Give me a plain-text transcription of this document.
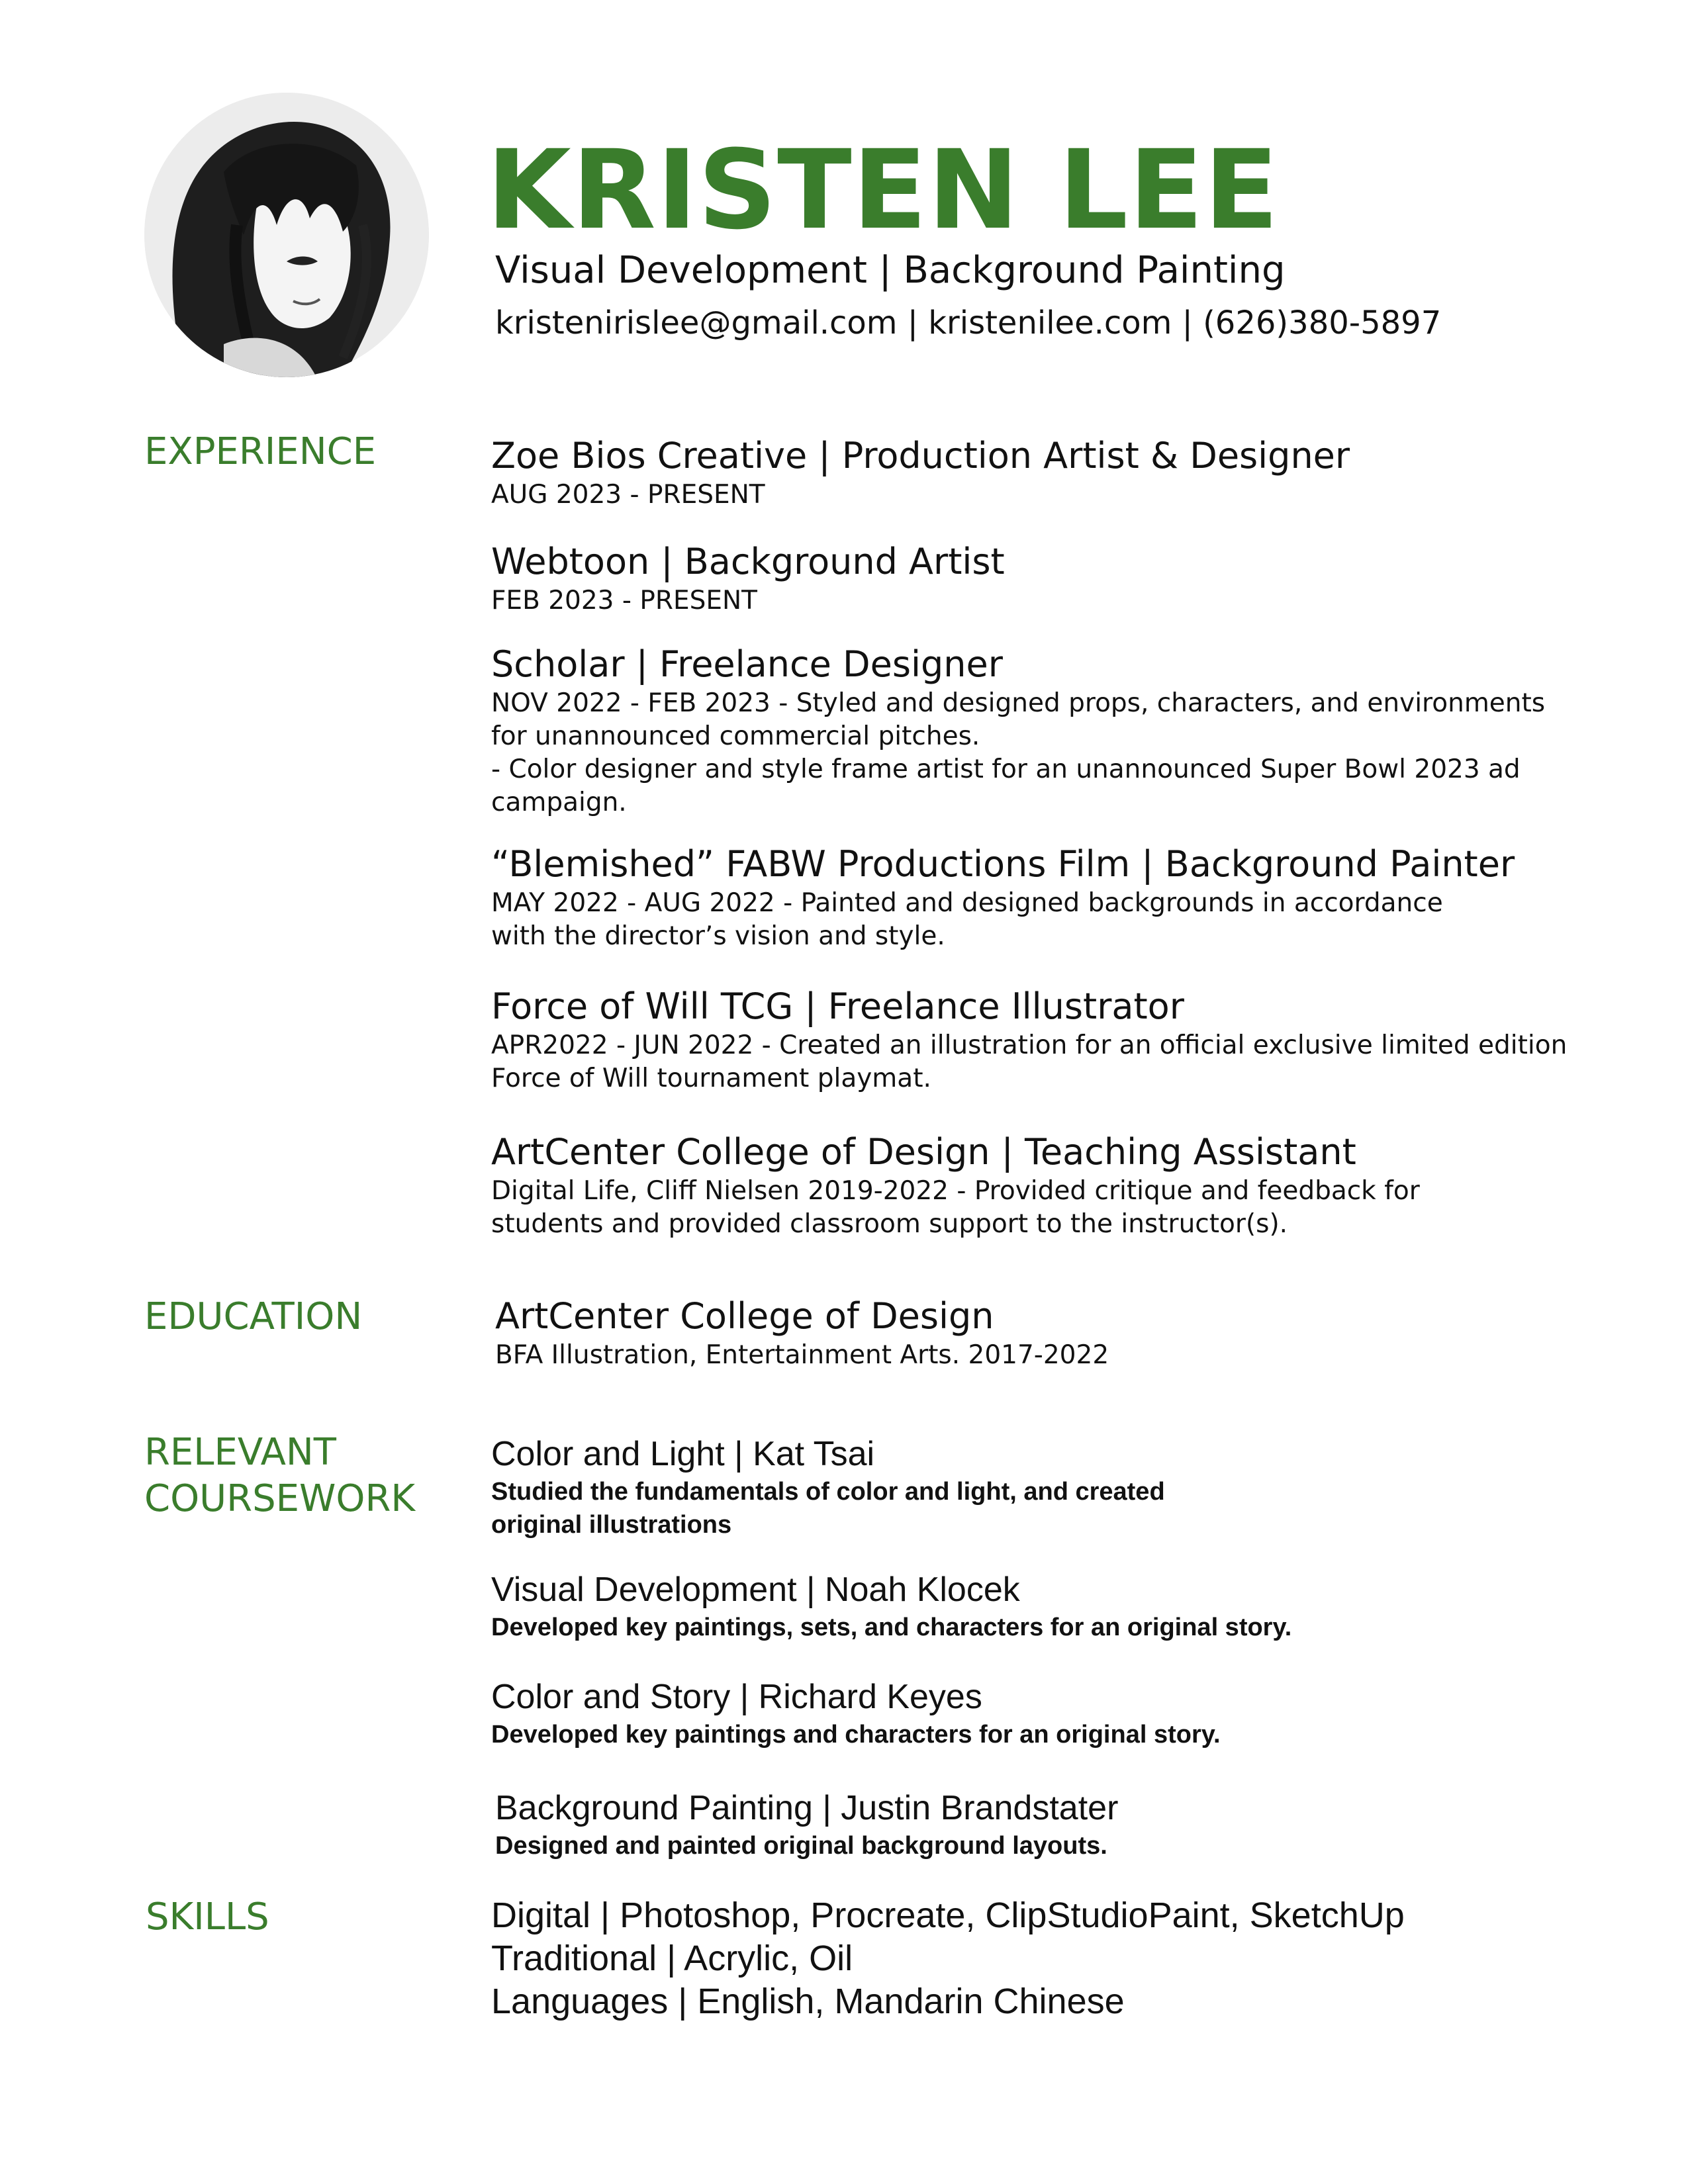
KRISTEN LEE
Visual Development | Background Painting
kristenirislee@gmail.com | kristenilee.com | (626)380-5897
EXPERIENCE	Zoe Bios Creative | Production Artist & Designer
AUG 2023 - PRESENT
Webtoon | Background Artist
FEB 2023 - PRESENT
Scholar | Freelance Designer
NOV 2022 - FEB 2023 - Styled and designed props, characters, and environments
for unannounced commercial pitches.
- Color designer and style frame artist for an unannounced Super Bowl 2023 ad
campaign.
“Blemished” FABW Productions Film | Background Painter
MAY 2022 - AUG 2022 - Painted and designed backgrounds in accordance
with the director’s vision and style.
Force of Will TCG | Freelance Illustrator
APR2022 - JUN 2022 - Created an illustration for an official exclusive limited edition
Force of Will tournament playmat.
ArtCenter College of Design | Teaching Assistant
Digital Life, Cliff Nielsen 2019-2022 - Provided critique and feedback for
students and provided classroom support to the instructor(s).
EDUCATION	ArtCenter College of Design
BFA Illustration, Entertainment Arts. 2017-2022
RELEVANT
COURSEWORK
Color and Light | Kat Tsai
Studied the fundamentals of color and light, and created
original illustrations
Visual Development | Noah Klocek
Developed key paintings, sets, and characters for an original story.
Color and Story | Richard Keyes
Developed key paintings and characters for an original story.
Background Painting | Justin Brandstater
Designed and painted original background layouts.
SKILLS	Digital | Photoshop, Procreate, ClipStudioPaint, SketchUp
Traditional | Acrylic, Oil
Languages | English, Mandarin Chinese
